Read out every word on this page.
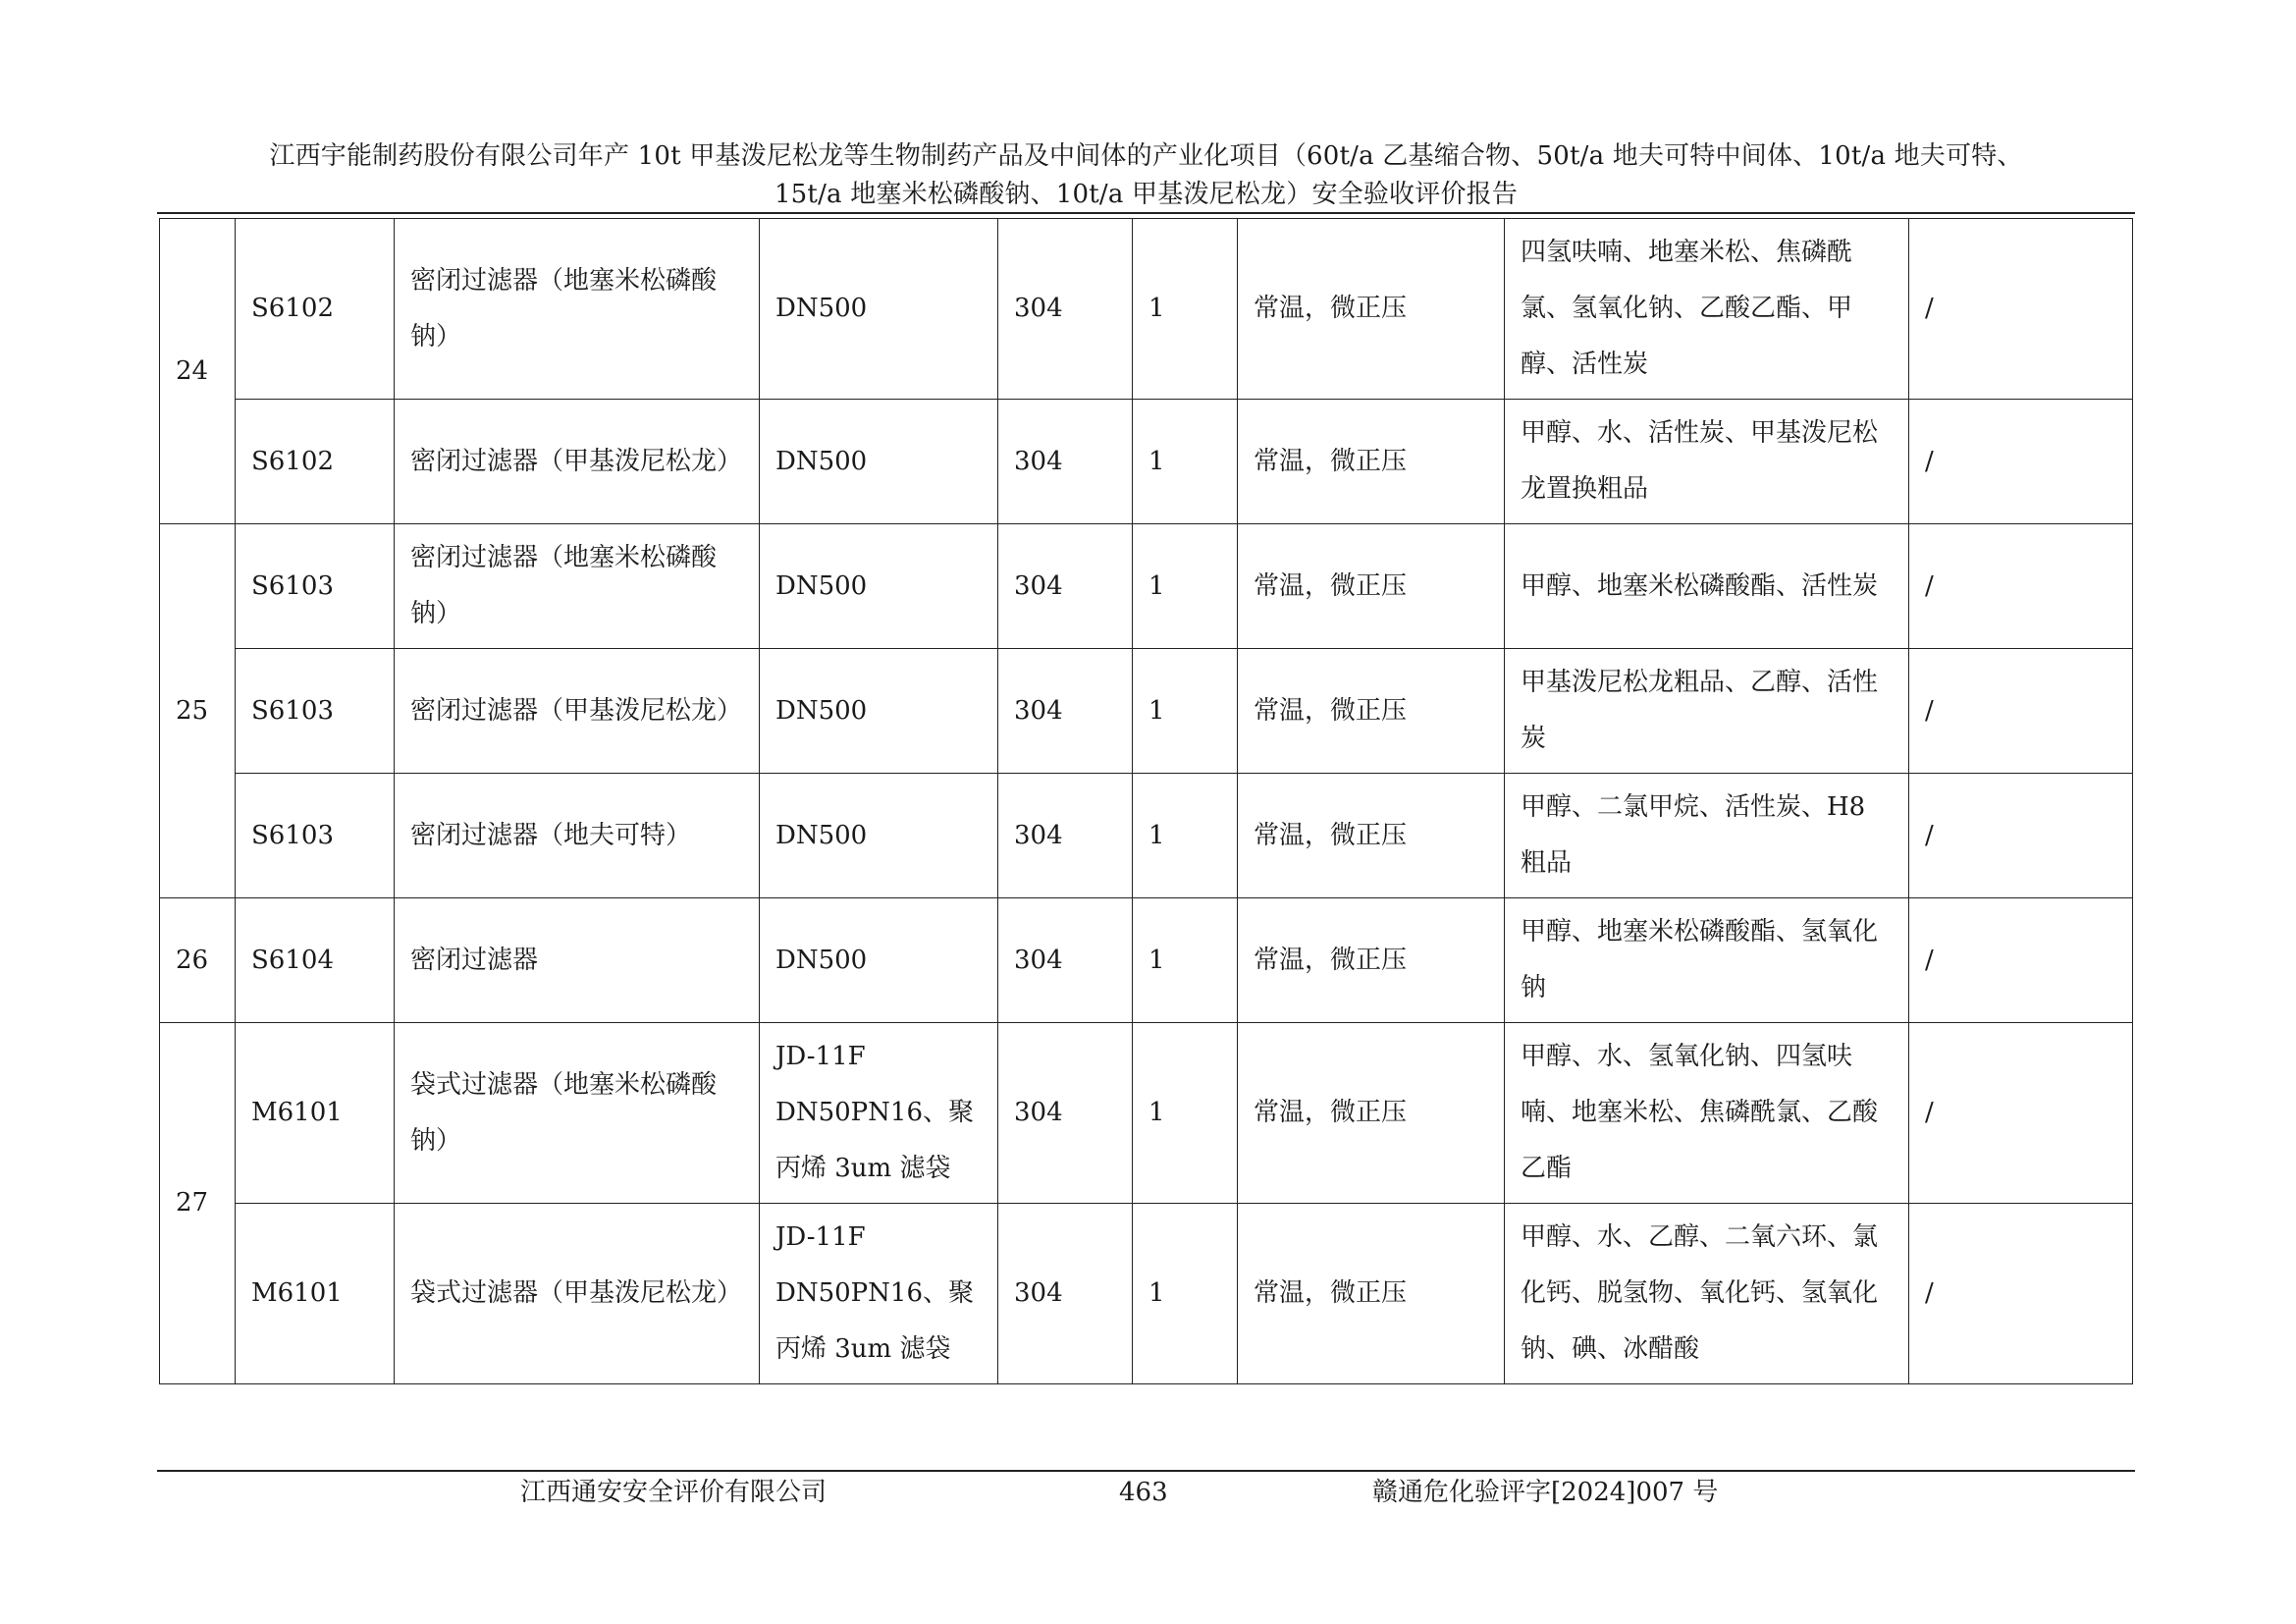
江西宇能制药股份有限公司年产 10t 甲基泼尼松龙等生物制药产品及中间体的产业化项目（60t/a 乙基缩合物、50t/a 地夫可特中间体、10t/a 地夫可特、
15t/a 地塞米松磷酸钠、10t/a 甲基泼尼松龙）安全验收评价报告
24	S6102	密闭过滤器（地塞米松磷酸钠）	DN500	304	1	常温，微正压	四氢呋喃、地塞米松、焦磷酰氯、氢氧化钠、乙酸乙酯、甲醇、活性炭	/
	S6102	密闭过滤器（甲基泼尼松龙）	DN500	304	1	常温，微正压	甲醇、水、活性炭、甲基泼尼松龙置换粗品	/
25	S6103	密闭过滤器（地塞米松磷酸钠）	DN500	304	1	常温，微正压	甲醇、地塞米松磷酸酯、活性炭	/
	S6103	密闭过滤器（甲基泼尼松龙）	DN500	304	1	常温，微正压	甲基泼尼松龙粗品、乙醇、活性炭	/
	S6103	密闭过滤器（地夫可特）	DN500	304	1	常温，微正压	甲醇、二氯甲烷、活性炭、H8 粗品	/
26	S6104	密闭过滤器	DN500	304	1	常温，微正压	甲醇、地塞米松磷酸酯、氢氧化钠	/
27	M6101	袋式过滤器（地塞米松磷酸钠）	JD-11F DN50PN16、聚丙烯 3um 滤袋	304	1	常温，微正压	甲醇、水、氢氧化钠、四氢呋喃、地塞米松、焦磷酰氯、乙酸乙酯	/
	M6101	袋式过滤器（甲基泼尼松龙）	JD-11F DN50PN16、聚丙烯 3um 滤袋	304	1	常温，微正压	甲醇、水、乙醇、二氧六环、氯化钙、脱氢物、氧化钙、氢氧化钠、碘、冰醋酸	/
江西通安安全评价有限公司	463	赣通危化验评字[2024]007 号
